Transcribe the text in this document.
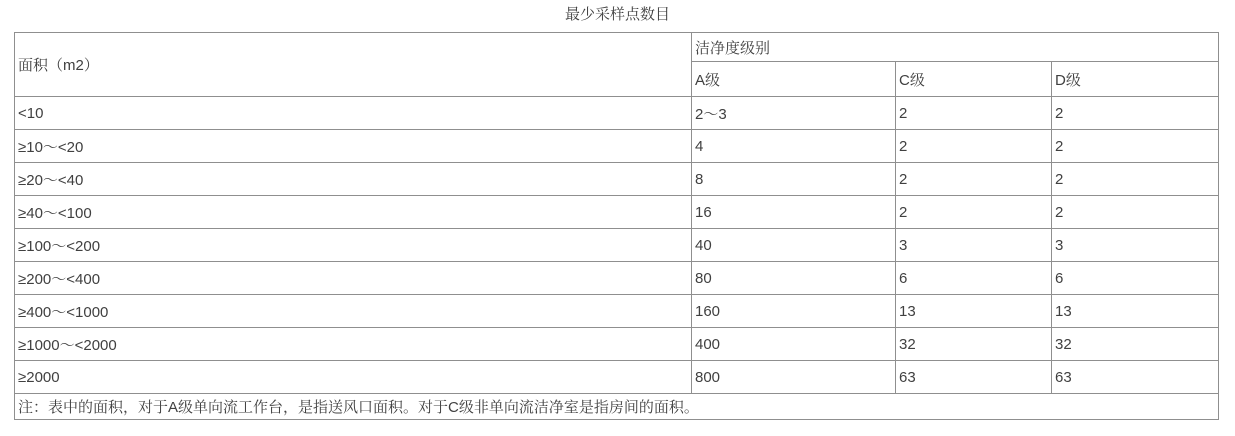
最少采样点数目
面积（m2）	洁净度级别		
	A级	C级	D级
<10	2～3	2	2
≥10～<20	4	2	2
≥20～<40	8	2	2
≥40～<100	16	2	2
≥100～<200	40	3	3
≥200～<400	80	6	6
≥400～<1000	160	13	13
≥1000～<2000	400	32	32
≥2000	800	63	63
注：表中的面积，对于A级单向流工作台，是指送风口面积。对于C级非单向流洁净室是指房间的面积。			
